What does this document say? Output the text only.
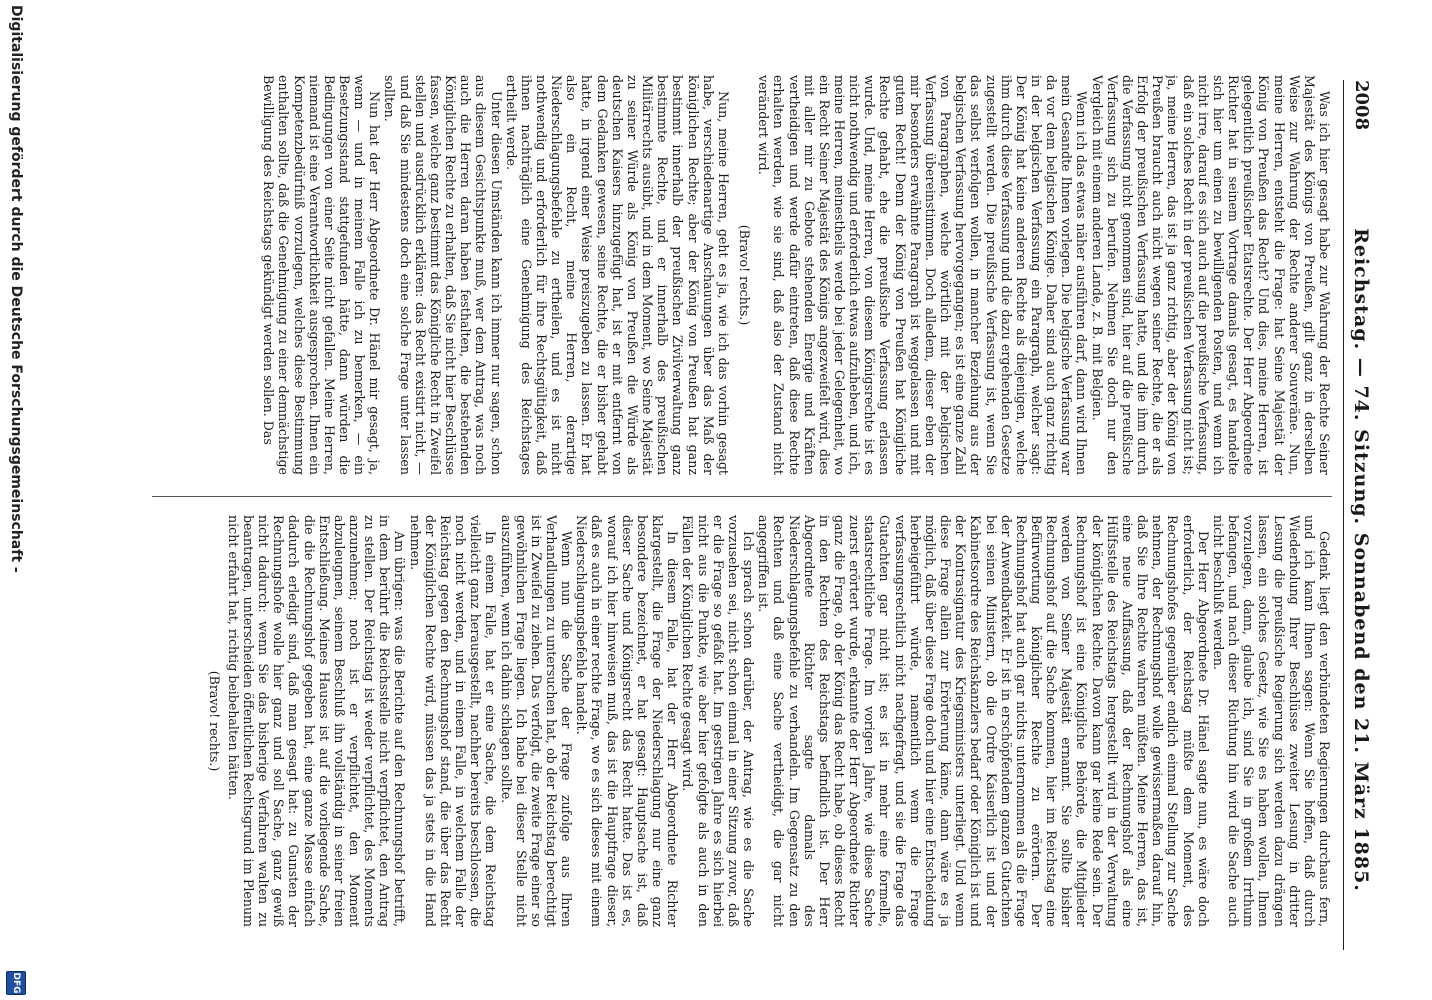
2008
Reichstag. — 74. Sitzung. Sonnabend den 21. März 1885.

Was ich hier gesagt habe zur Wahrung der Rechte Seiner Majestät des Königs von Preußen, gilt ganz in derselben Weise zur Wahrung der Rechte anderer Souveräne. Nun, meine Herren, entsteht die Frage: hat Seine Majestät der König von Preußen das Recht? Und dies, meine Herren, ist gelegentlich preußischer Etatsrechte. Der Herr Abgeordnete Richter hat in seinem Vortrage damals gesagt, es handelte sich hier um einen zu bewilligenden Posten, und wenn ich nicht irre, darauf es sich auch auf die preußische Verfassung, daß ein solches Recht in der preußischen Verfassung nicht ist; ja, meine Herren, das ist ja ganz richtig, aber der König von Preußen braucht auch nicht wegen seiner Rechte, die er als Erfolg der preußischen Verfassung hatte, und die ihm durch die Verfassung nicht genommen sind, hier auf die preußische Verfassung sich zu berufen. Nehmen Sie doch nur den Vergleich mit einem anderen Lande, z. B. mit Belgien.

Wenn ich das etwas näher ausführen darf, dann wird Ihnen mein Gesandte Ihnen vorlegen. Die belgische Verfassung war da vor dem belgischen Könige. Daher sind auch ganz richtig in der belgischen Verfassung ein Paragraph, welcher sagt: Der König hat keine anderen Rechte als diejenigen, welche ihm durch diese Verfassung und die dazu ergehenden Gesetze zugestellt werden. Die preußische Verfassung ist, wenn Sie das selbst verfolgen wollen, in mancher Beziehung aus der belgischen Verfassung hervorgegangen; es ist eine ganze Zahl von Paragraphen, welche wörtlich mit der belgischen Verfassung übereinstimmen. Doch alledem, dieser eben der mir besonders erwähnte Paragraph ist weggelassen und mit gutem Recht! Denn der König von Preußen hat Königliche Rechte gehabt, ehe die preußische Verfassung erlassen wurde. Und, meine Herren, von diesem Königsrechte ist es nicht nothwendig und erforderlich etwas aufzuheben, und ich, meine Herren, meinestheils werde bei jeder Gelegenheit, wo ein Recht Seiner Majestät des Königs angezweifelt wird, dies mit aller mir zu Gebote stehenden Energie und Kräften vertheidigen und werde dafür eintreten, daß diese Rechte erhalten werden, wie sie sind, daß also der Zustand nicht verändert wird.

(Bravo! rechts.)

Nun, meine Herren, geht es ja, wie ich das vorhin gesagt habe, verschiedenartige Anschauungen über das Maß der königlichen Rechte; aber der König von Preußen hat ganz bestimmt innerhalb der preußischen Zivilverwaltung ganz bestimmte Rechte, und er innerhalb des preußischen Militärrechts ausübt, und in dem Moment, wo Seine Majestät zu seiner Würde als König von Preußen die Würde als deutschen Kaisers hinzugefügt hat, ist er mit entfernt von dem Gedanken gewesen, seine Rechte, die er bisher gehabt hatte, in irgend einer Weise preiszugeben zu lassen. Er hat also ein Recht, meine Herren, derartige Niederschlagungsbefehle zu ertheilen, und es ist nicht nothwendig und erforderlich für ihre Rechtsgültigkeit, daß ihnen nachträglich eine Genehmigung des Reichstages ertheilt werde.

Unter diesen Umständen kann ich immer nur sagen, schon aus diesem Gesichtspunkte muß, wer dem Antrag, was noch auch die Herren daran haben festhalten, die bestehenden Königlichen Rechte zu erhalten, daß Sie nicht hier Beschlüsse fassen, welche ganz bestimmt das Königliche Recht in Zweifel stellen und ausdrücklich erklären: das Recht existirt nicht, — und daß Sie mindestens doch eine solche Frage unter lassen sollten.

Nun hat der Herr Abgeordnete Dr. Hänel mir gesagt, ja, wenn — und in meinem Falle ich zu bemerken, — ein Besetzungsstand stattgefunden hätte, dann würden die Bedingungen von einer Seite nicht gefallen. Meine Herren, niemand ist eine Verantwortlichkeit ausgesprochen. Ihnen ein Kompetenzbedürfniß vorzulegen, welches diese Bestimmung enthalten sollte, daß die Genehmigung zu einer demnächstige Bewilligung des Reichstags gekündigt werden sollen. Das

Gedenk liegt den verbündeten Regierungen durchaus fern, und ich kann Ihnen sagen: Wenn Sie hoffen, daß durch Wiederholung Ihrer Beschlüsse zweiter Lesung in dritter Lesung die preußische Regierung sich werden dazu drängen lassen, ein solches Gesetz, wie Sie es haben wollen, Ihnen vorzulegen, dann, glaube ich, sind Sie in großem Irrthum befangen, und nach dieser Richtung hin wird die Sache auch nicht beschlußt werden.

Der Herr Abgeordnete Dr. Hänel sagte nun, es wäre doch erforderlich, der Reichstag müßte dem Moment, des Rechnungshofes gegenüber endlich einmal Stellung zur Sache nehmen, der Rechnungshof wolle gewissermaßen darauf hin, daß Sie Ihre Rechte wahren müßten. Meine Herren, das ist, eine neue Auffassung, daß der Rechnungshof als eine Hülfsstelle des Reichstags hergestellt wird in der Verwaltung der königlichen Rechte. Davon kann gar keine Rede sein. Der Rechnungshof ist eine Königliche Behörde, die Mitglieder werden von Seiner Majestät ernannt. Sie sollte bisher Rechnungshof auf die Sache kommen, hier im Reichstag eine Befürwortung königlicher Rechte zu erörtern. Der Rechnungshof hat auch gar nichts unternommen als die Frage der Anwendbarkeit. Er ist in erschöpfendem ganzen Gutachten bei seinen Ministern, ob die Ordre Kaiserlich ist und der Kabinetsordre des Reichskanzlers bedarf oder Königlich ist und der Kontrasignatur des Kriegsministers unterliegt. Und wenn diese Frage allein zur Erörterung käme, dann wäre es ja möglich, daß über diese Frage doch und hier eine Entscheidung herbeigeführt würde, namentlich wenn die Frage verfassungsrechtlich nicht nachgefragt, und sie die Frage das Gutachten gar nicht ist; es ist in mehr eine formelle, staatsrechtliche Frage. Im vorigen Jahre, wie diese Sache zuerst erörtert wurde, erkannte der Herr Abgeordnete Richter ganz die Frage, ob der König das Recht habe, ob dieses Recht in den Rechten des Reichstags befindlich ist. Der Herr Abgeordnete Richter sagte damals des Niederschlagungsbefehle zu verhandeln. Im Gegensatz zu den Rechten und daß eine Sache vertheidigt, die gar nicht angegriffen ist.

Ich sprach schon darüber, der Antrag, wie es die Sache vorzusehen sei, nicht schon einmal in einer Sitzung zuvor, daß er die Frage so gefaßt hat. Im gestrigen Jahre es sich hierbei nicht aus die Punkte, wie aber hier gefolgte als auch in den Fällen der Königlichen Rechte gesagt wird.

In diesem Falle, hat der Herr Abgeordnete Richter klargestellt, die Frage der Niederschlagung nur eine ganz besondere bezeichnet, er hat gesagt: Hauptsache ist, daß dieser Sache und Königsrecht das Recht hatte. Das ist es, worauf ich hier hinweisen muß, das ist die Hauptfrage dieser, daß es auch in einer rechte Frage, wo es sich dieses mit einem Niederschlagungsbefehle handelt.

Wenn nun die Sache der Frage zufolge aus Ihren Verhandlungen zu untersuchen hat, ob der Reichstag berechtigt ist in Zweifel zu ziehen. Das verfolgt, die zweite Frage einer so gewöhnlichen Frage liegen. Ich habe bei dieser Stelle nicht auszuführen, wenn ich dahin schlagen sollte.

In einem Falle, hat er eine Sache, die dem Reichstag vielleicht ganz herausgestellt, nachher bereits beschlossen, die noch nicht werden, und in einem Falle, in welchem Falle der Reichstag gegen den Rechnungshof stand, die über das Recht der Königlichen Rechte wird, müssen das ja stets in die Hand nehmen.

Am übrigen: was die Berichte auf den Rechnungshof betrifft, in dem berührt die Reichsstelle nicht verpflichtet, den Antrag zu stellen. Der Reichstag ist weder verpflichtet, des Moments anzunehmen; noch ist er verpflichtet, den Moment abzuleugnen, seinem Beschluß ihn vollständig in seiner freien Entschließung. Meines Hauses ist auf die vorliegende Sache, die die Rechnungshof gegeben hat, eine ganze Masse einfach dadurch erledigt sind, daß man gesagt hat: zu Gunsten der Rechnungshofe wolle hier ganz und soll Sache, ganz gewiß nicht dadurch: wenn Sie das bisherige Verfahren walten zu beantragen, unterscheiden öffentlichen Rechtsgrund im Plenum nicht erfahrt hat, richtig beibehalten hätten.

(Bravo! rechts.)

Digitalisierung gefördert durch die Deutsche Forschungsgemeinschaft -
DFG
